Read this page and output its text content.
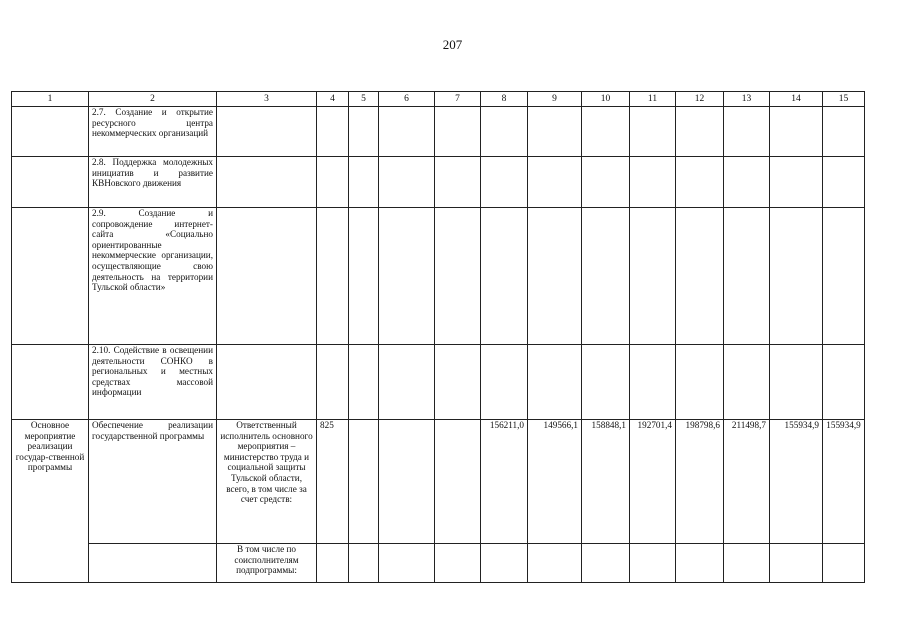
207
1	2	3	4	5	6	7	8	9	10	11	12	13	14	15
	2.7. Создание и открытие ресурсного центра некоммерческих организаций													
	2.8. Поддержка молодежных инициатив и развитие КВНовского движения													
	2.9. Создание и сопровождение интернет-сайта «Социально ориентированные некоммерческие организации, осуществляющие свою деятельность на территории Тульской области»													
	2.10. Содействие в освещении деятельности СОНКО в региональных и местных средствах массовой информации													
Основное мероприятие реализации государ-ственной программы	Обеспечение реализации государственной программы	Ответственный исполнитель основного мероприятия – министерство труда и социальной защиты Тульской области, всего, в том числе за счет средств:	825				156211,0	149566,1	158848,1	192701,4	198798,6	211498,7	155934,9	155934,9
		В том числе по соисполнителям подпрограммы:												
